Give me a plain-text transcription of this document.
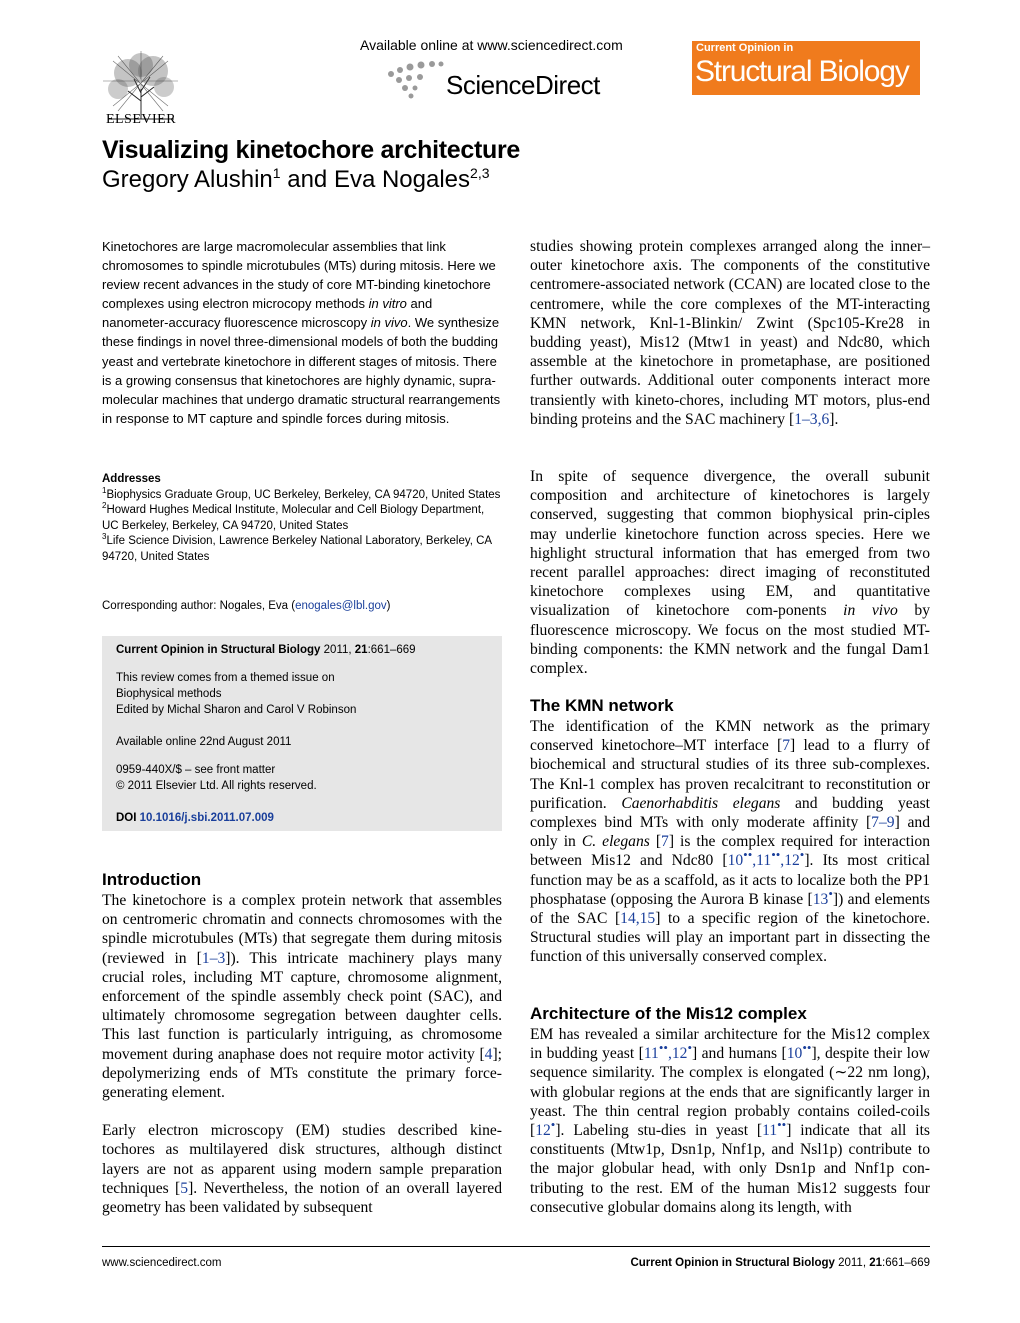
ELSEVIER
Available online at www.sciencedirect.com
ScienceDirect
Current Opinion in
Structural Biology
Visualizing kinetochore architecture
Gregory Alushin$^1$ and Eva Nogales$^{2,3}$
Kinetochores are large macromolecular assemblies that link chromosomes to spindle microtubules (MTs) during mitosis. Here we review recent advances in the study of core MT-binding kinetochore complexes using electron microcopy methods in vitro and nanometer-accuracy fluorescence microscopy in vivo. We synthesize these findings in novel three-dimensional models of both the budding yeast and vertebrate kinetochore in different stages of mitosis. There is a growing consensus that kinetochores are highly dynamic, supra-molecular machines that undergo dramatic structural rearrangements in response to MT capture and spindle forces during mitosis.
Addresses
$^1$Biophysics Graduate Group, UC Berkeley, Berkeley, CA 94720, United States
$^2$Howard Hughes Medical Institute, Molecular and Cell Biology Department, UC Berkeley, Berkeley, CA 94720, United States
$^3$Life Science Division, Lawrence Berkeley National Laboratory, Berkeley, CA 94720, United States
Corresponding author: Nogales, Eva (enogales@lbl.gov)
Current Opinion in Structural Biology 2011, 21:661–669
This review comes from a themed issue on
Biophysical methods
Edited by Michal Sharon and Carol V Robinson
Available online 22nd August 2011
0959-440X/$ – see front matter
© 2011 Elsevier Ltd. All rights reserved.
DOI 10.1016/j.sbi.2011.07.009
Introduction

The kinetochore is a complex protein network that assembles on centromeric chromatin and connects chromosomes with the spindle microtubules (MTs) that segregate them during mitosis (reviewed in [1–3]). This intricate machinery plays many crucial roles, including MT capture, chromosome alignment, enforcement of the spindle assembly check point (SAC), and ultimately chromosome segregation between daughter cells. This last function is particularly intriguing, as chromosome movement during anaphase does not require motor activity [4]; depolymerizing ends of MTs constitute the primary force-generating element.

Early electron microscopy (EM) studies described kine-tochores as multilayered disk structures, although distinct layers are not as apparent using modern sample preparation techniques [5]. Nevertheless, the notion of an overall layered geometry has been validated by subsequent

studies showing protein complexes arranged along the inner–outer kinetochore axis. The components of the constitutive centromere-associated network (CCAN) are located close to the centromere, while the core complexes of the MT-interacting KMN network, Knl-1-Blinkin/ Zwint (Spc105-Kre28 in budding yeast), Mis12 (Mtw1 in yeast) and Ndc80, which assemble at the kinetochore in prometaphase, are positioned further outwards. Additional outer components interact more transiently with kineto-chores, including MT motors, plus-end binding proteins and the SAC machinery [1–3,6].

In spite of sequence divergence, the overall subunit composition and architecture of kinetochores is largely conserved, suggesting that common biophysical prin-ciples may underlie kinetochore function across species. Here we highlight structural information that has emerged from two recent parallel approaches: direct imaging of reconstituted kinetochore complexes using EM, and quantitative visualization of kinetochore com-ponents in vivo by fluorescence microscopy. We focus on the most studied MT-binding components: the KMN network and the fungal Dam1 complex.

The KMN network

The identification of the KMN network as the primary conserved kinetochore–MT interface [7] lead to a flurry of biochemical and structural studies of its three sub-complexes. The Knl-1 complex has proven recalcitrant to reconstitution or purification. Caenorhabditis elegans and budding yeast complexes bind MTs with only moderate affinity [7–9] and only in C. elegans [7] is the complex required for interaction between Mis12 and Ndc80 [10••,11••,12•]. Its most critical function may be as a scaffold, as it acts to localize both the PP1 phosphatase (opposing the Aurora B kinase [13•]) and elements of the SAC [14,15] to a specific region of the kinetochore. Structural studies will play an important part in dissecting the function of this universally conserved complex.

Architecture of the Mis12 complex

EM has revealed a similar architecture for the Mis12 complex in budding yeast [11••,12•] and humans [10••], despite their low sequence similarity. The complex is elongated (∼22 nm long), with globular regions at the ends that are significantly larger in yeast. The thin central region probably contains coiled-coils [12•]. Labeling stu-dies in yeast [11••] indicate that all its constituents (Mtw1p, Dsn1p, Nnf1p, and Nsl1p) contribute to the major globular head, with only Dsn1p and Nnf1p con-tributing to the rest. EM of the human Mis12 suggests four consecutive globular domains along its length, with

www.sciencedirect.com	Current Opinion in Structural Biology 2011, 21:661–669
